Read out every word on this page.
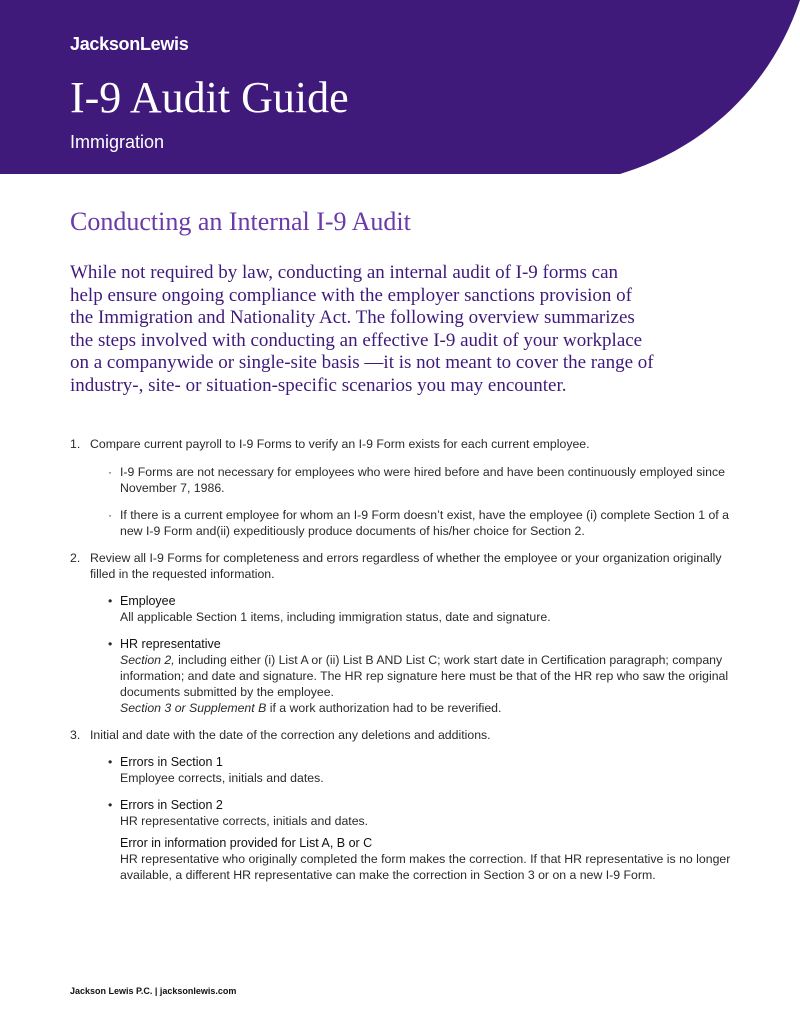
JacksonLewis
I-9 Audit Guide
Immigration
Conducting an Internal I-9 Audit
While not required by law, conducting an internal audit of I-9 forms can
help ensure ongoing compliance with the employer sanctions provision of
the Immigration and Nationality Act. The following overview summarizes
the steps involved with conducting an effective I-9 audit of your workplace
on a companywide or single-site basis —it is not meant to cover the range of
industry-, site- or situation-specific scenarios you may encounter.
1. Compare current payroll to I-9 Forms to verify an I-9 Form exists for each current employee.
· I-9 Forms are not necessary for employees who were hired before and have been continuously employed since November 7, 1986.
· If there is a current employee for whom an I-9 Form doesn’t exist, have the employee (i) complete Section 1 of a new I-9 Form and(ii) expeditiously produce documents of his/her choice for Section 2.
2. Review all I-9 Forms for completeness and errors regardless of whether the employee or your organization originally filled in the requested information.
• Employee
All applicable Section 1 items, including immigration status, date and signature.
• HR representative
Section 2, including either (i) List A or (ii) List B AND List C; work start date in Certification paragraph; company information; and date and signature. The HR rep signature here must be that of the HR rep who saw the original documents submitted by the employee.
Section 3 or Supplement B if a work authorization had to be reverified.
3. Initial and date with the date of the correction any deletions and additions.
• Errors in Section 1
Employee corrects, initials and dates.
• Errors in Section 2
HR representative corrects, initials and dates.
Error in information provided for List A, B or C
HR representative who originally completed the form makes the correction. If that HR representative is no longer available, a different HR representative can make the correction in Section 3 or on a new I-9 Form.
Jackson Lewis P.C. | jacksonlewis.com
